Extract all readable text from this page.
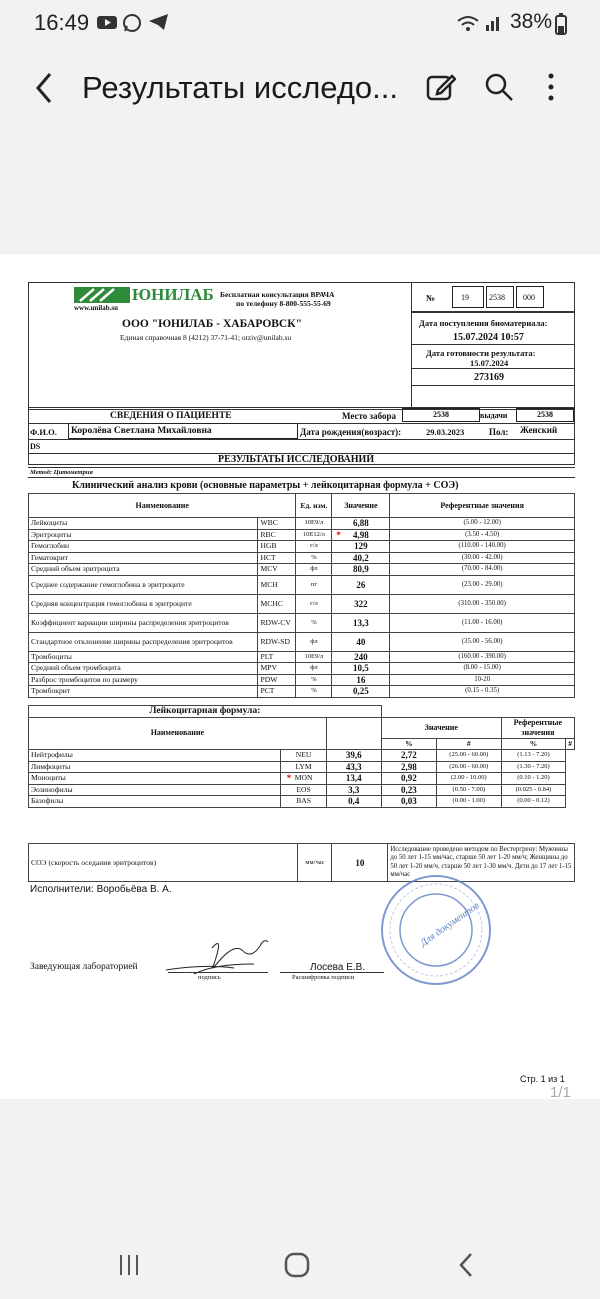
16:49	38%
Результаты исследо...
ЮНИЛАБ
www.unilab.su
Бесплатная консультация ВРАЧА
по телефону 8-800-555-55-69
ООО "ЮНИЛАБ - ХАБАРОВСК"
Единая справочная 8 (4212) 37-71-41; otziv@unilab.su
№	19	2538 000
Дата поступления биоматериала:
15.07.2024 10:57
Дата готовности результата:
15.07.2024
273169
СВЕДЕНИЯ О ПАЦИЕНТЕ	Место забора	2538	выдачи	2538
Ф.И.О. Королёва Светлана Михайловна	Дата рождения(возраст):	29.03.2023	Пол: Женский
DS
РЕЗУЛЬТАТЫ ИССЛЕДОВАНИЙ
Метод: Цитометрия
Клинический анализ крови (основные параметры + лейкоцитарная формула + СОЭ)
Наименование		Ед. изм.	Значение	Референтные значения
Лейкоциты	WBC	10E9/л	6,88	(5.00 - 12.00)
Эритроциты	RBC	10E12/л	* 4,98	(3.50 - 4.50)
Гемоглобин	HGB	г/л	129	(110.00 - 140.00)
Гематокрит	HCT	%	40,2	(30.00 - 42.00)
Средний объем эритроцита	MCV	фл	80,9	(70.00 - 84.00)
Среднее содержание гемоглобина в эритроците	MCH	пг	26	(23.00 - 29.00)
Средняя концентрация гемоглобина в эритроците	MCHC	г/л	322	(310.00 - 350.00)
Коэффициент вариации ширины распределения эритроцитов	RDW-CV	%	13,3	(11.00 - 16.00)
Стандартное отклонение ширины распределения эритроцитов	RDW-SD	фл	40	(35.00 - 56.00)
Тромбоциты	PLT	10E9/л	240	(160.00 - 390.00)
Средний объем тромбоцита	MPV	фл	10,5	(8.00 - 15.00)
Разброс тромбоцитов по размеру	PDW	%	16	10-20
Тромбокрит	PCT	%	0,25	(0.15 - 0.35)
Лейкоцитарная формула:						
Наименование			Значение		Референтные значения	
			%	#	%	#
Нейтрофилы	NEU	39,6	2,72	(25.00 - 60.00)	(1.13 - 7.20)	
Лимфоциты	LYM	43,3	2,98	(26.00 - 60.00)	(1.30 - 7.20)	
Моноциты	MON	* 13,4	0,92	(2.00 - 10.00)	(0.10 - 1.20)	
Эозинофилы	EOS	3,3	0,23	(0.50 - 7.00)	(0.025 - 0.84)	
Базофилы	BAS	0,4	0,03	(0.00 - 1.00)	(0.00 - 0.12)	
СОЭ (скорость оседания эритроцитов)	мм/час	10	Исследование проведено методом по Вестергрену: Мужчины до 50 лет 1-15 мм/час, старше 50 лет 1-20 мм/ч; Женщины до 50 лет 1-20 мм/ч, старше 50 лет 1-30 мм/ч. Дети до 17 лет 1-15 мм/час
Исполнители: Воробьёва В. А.
Заведующая лабораторией
подпись
Лосева Е.В.
Расшифровка подписи
Для документов
Стр. 1 из 1
1/1
